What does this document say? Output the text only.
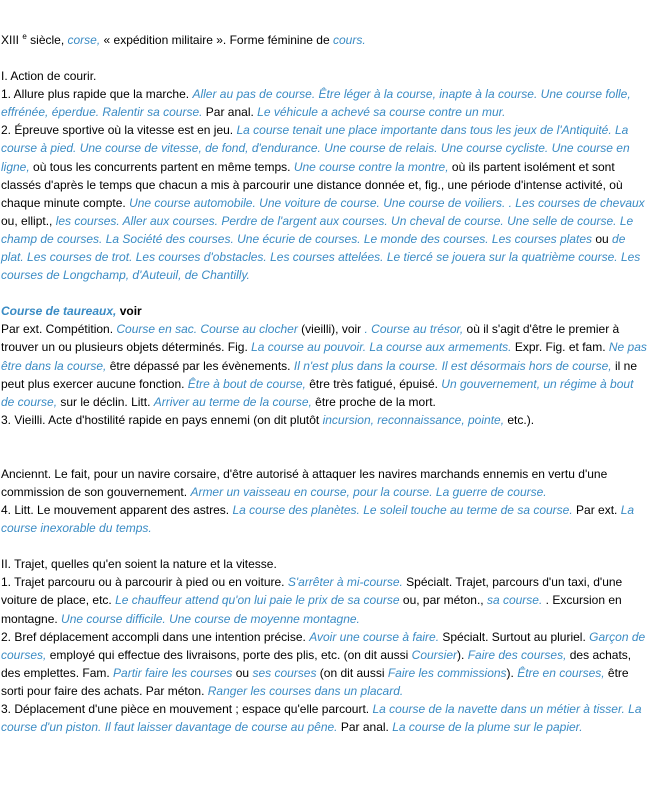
XIII $^e$ siècle, corse, « expédition militaire ». Forme féminine de cours.

I. Action de courir.

1. Allure plus rapide que la marche. Aller au pas de course. Être léger à la course, inapte à la course. Une course folle, effrénée, éperdue. Ralentir sa course. Par anal. Le véhicule a achevé sa course contre un mur.

2. Épreuve sportive où la vitesse est en jeu. La course tenait une place importante dans tous les jeux de l'Antiquité. La course à pied. Une course de vitesse, de fond, d'endurance. Une course de relais. Une course cycliste. Une course en ligne, où tous les concurrents partent en même temps. Une course contre la montre, où ils partent isolément et sont classés d'après le temps que chacun a mis à parcourir une distance donnée et, fig., une période d'intense activité, où chaque minute compte. Une course automobile. Une voiture de course. Une course de voiliers. . Les courses de chevaux ou, ellipt., les courses. Aller aux courses. Perdre de l'argent aux courses. Un cheval de course. Une selle de course. Le champ de courses. La Société des courses. Une écurie de courses. Le monde des courses. Les courses plates ou de plat. Les courses de trot. Les courses d'obstacles. Les courses attelées. Le tiercé se jouera sur la quatrième course. Les courses de Longchamp, d'Auteuil, de Chantilly.

Course de taureaux, voir

Par ext. Compétition. Course en sac. Course au clocher (vieilli), voir . Course au trésor, où il s'agit d'être le premier à trouver un ou plusieurs objets déterminés. Fig. La course au pouvoir. La course aux armements. Expr. Fig. et fam. Ne pas être dans la course, être dépassé par les évènements. Il n'est plus dans la course. Il est désormais hors de course, il ne peut plus exercer aucune fonction. Être à bout de course, être très fatigué, épuisé. Un gouvernement, un régime à bout de course, sur le déclin. Litt. Arriver au terme de la course, être proche de la mort.

3. Vieilli. Acte d'hostilité rapide en pays ennemi (on dit plutôt incursion, reconnaissance, pointe, etc.).

Anciennt. Le fait, pour un navire corsaire, d'être autorisé à attaquer les navires marchands ennemis en vertu d'une commission de son gouvernement. Armer un vaisseau en course, pour la course. La guerre de course.

4. Litt. Le mouvement apparent des astres. La course des planètes. Le soleil touche au terme de sa course. Par ext. La course inexorable du temps.

II. Trajet, quelles qu'en soient la nature et la vitesse.

1. Trajet parcouru ou à parcourir à pied ou en voiture. S'arrêter à mi-course. Spécialt. Trajet, parcours d'un taxi, d'une voiture de place, etc. Le chauffeur attend qu'on lui paie le prix de sa course ou, par méton., sa course. . Excursion en montagne. Une course difficile. Une course de moyenne montagne.

2. Bref déplacement accompli dans une intention précise. Avoir une course à faire. Spécialt. Surtout au pluriel. Garçon de courses, employé qui effectue des livraisons, porte des plis, etc. (on dit aussi Coursier). Faire des courses, des achats, des emplettes. Fam. Partir faire les courses ou ses courses (on dit aussi Faire les commissions). Être en courses, être sorti pour faire des achats. Par méton. Ranger les courses dans un placard.

3. Déplacement d'une pièce en mouvement ; espace qu'elle parcourt. La course de la navette dans un métier à tisser. La course d'un piston. Il faut laisser davantage de course au pêne. Par anal. La course de la plume sur le papier.
